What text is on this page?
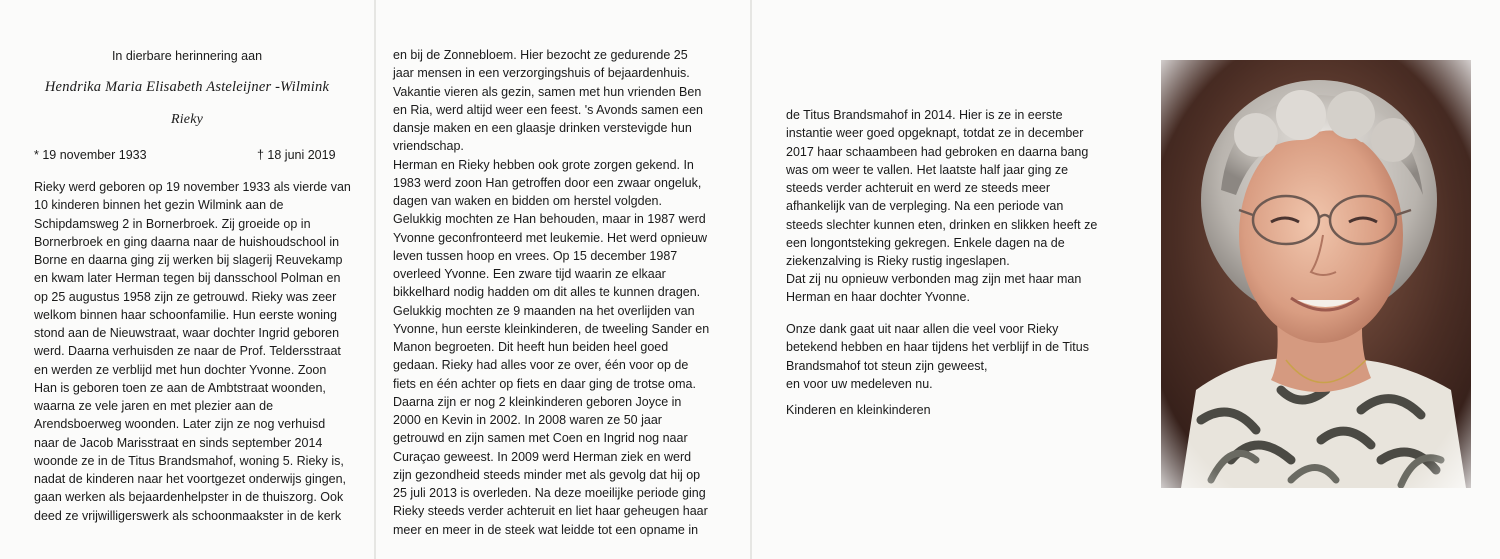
In dierbare herinnering aan
Hendrika Maria Elisabeth Asteleijner -Wilmink
Rieky
* 19 november 1933	† 18 juni 2019

Rieky werd geboren op 19 november 1933 als vierde van
10 kinderen binnen het gezin Wilmink aan de
Schipdamsweg 2 in Bornerbroek. Zij groeide op in
Bornerbroek en ging daarna naar de huishoudschool in
Borne en daarna ging zij werken bij slagerij Reuvekamp
en kwam later Herman tegen bij dansschool Polman en
op 25 augustus 1958 zijn ze getrouwd. Rieky was zeer
welkom binnen haar schoonfamilie. Hun eerste woning
stond aan de Nieuwstraat, waar dochter Ingrid geboren
werd. Daarna verhuisden ze naar de Prof. Teldersstraat
en werden ze verblijd met hun dochter Yvonne. Zoon
Han is geboren toen ze aan de Ambtstraat woonden,
waarna ze vele jaren en met plezier aan de
Arendsboerweg woonden. Later zijn ze nog verhuisd
naar de Jacob Marisstraat en sinds september 2014
woonde ze in de Titus Brandsmahof, woning 5. Rieky is,
nadat de kinderen naar het voortgezet onderwijs gingen,
gaan werken als bejaardenhelpster in de thuiszorg. Ook
deed ze vrijwilligerswerk als schoonmaakster in de kerk

en bij de Zonnebloem. Hier bezocht ze gedurende 25
jaar mensen in een verzorgingshuis of bejaardenhuis.
Vakantie vieren als gezin, samen met hun vrienden Ben
en Ria, werd altijd weer een feest. 's Avonds samen een
dansje maken en een glaasje drinken verstevigde hun
vriendschap.
Herman en Rieky hebben ook grote zorgen gekend. In
1983 werd zoon Han getroffen door een zwaar ongeluk,
dagen van waken en bidden om herstel volgden.
Gelukkig mochten ze Han behouden, maar in 1987 werd
Yvonne geconfronteerd met leukemie. Het werd opnieuw
leven tussen hoop en vrees. Op 15 december 1987
overleed Yvonne. Een zware tijd waarin ze elkaar
bikkelhard nodig hadden om dit alles te kunnen dragen.
Gelukkig mochten ze 9 maanden na het overlijden van
Yvonne, hun eerste kleinkinderen, de tweeling Sander en
Manon begroeten. Dit heeft hun beiden heel goed
gedaan. Rieky had alles voor ze over, één voor op de
fiets en één achter op fiets en daar ging de trotse oma.
Daarna zijn er nog 2 kleinkinderen geboren Joyce in
2000 en Kevin in 2002. In 2008 waren ze 50 jaar
getrouwd en zijn samen met Coen en Ingrid nog naar
Curaçao geweest. In 2009 werd Herman ziek en werd
zijn gezondheid steeds minder met als gevolg dat hij op
25 juli 2013 is overleden. Na deze moeilijke periode ging
Rieky steeds verder achteruit en liet haar geheugen haar
meer en meer in de steek wat leidde tot een opname in

de Titus Brandsmahof in 2014. Hier is ze in eerste
instantie weer goed opgeknapt, totdat ze in december
2017 haar schaambeen had gebroken en daarna bang
was om weer te vallen. Het laatste half jaar ging ze
steeds verder achteruit en werd ze steeds meer
afhankelijk van de verpleging. Na een periode van
steeds slechter kunnen eten, drinken en slikken heeft ze
een longontsteking gekregen. Enkele dagen na de
ziekenzalving is Rieky rustig ingeslapen.

Dat zij nu opnieuw verbonden mag zijn met haar man
Herman en haar dochter Yvonne.

Onze dank gaat uit naar allen die veel voor Rieky
betekend hebben en haar tijdens het verblijf in de Titus
Brandsmahof tot steun zijn geweest,
en voor uw medeleven nu.

Kinderen en kleinkinderen
